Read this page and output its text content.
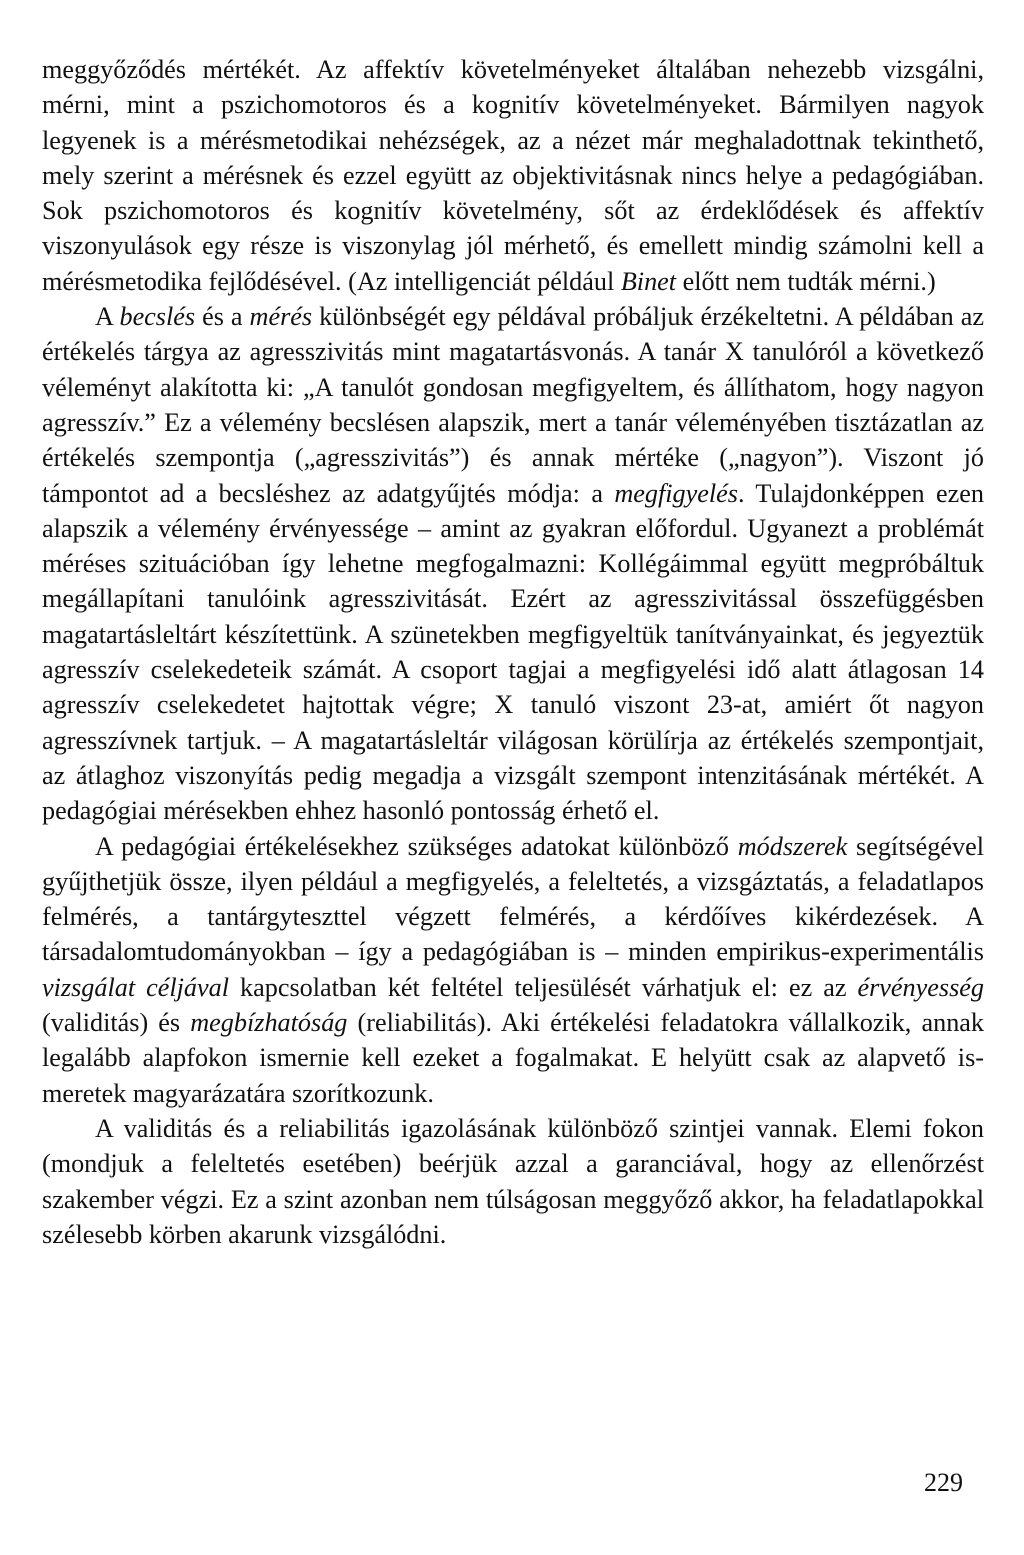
meggyőződés mértékét. Az affektív követelményeket általában nehezebb vizsgálni, mérni, mint a pszichomotoros és a kognitív követelményeket. Bármilyen nagyok legyenek is a mérésmetodikai nehézségek, az a nézet már meghaladottnak tekinthető, mely szerint a mérésnek és ezzel együtt az objektivitásnak nincs helye a pedagógiában. Sok pszichomotoros és kognitív követelmény, sőt az érdeklődések és affektív viszonyulások egy része is viszonylag jól mérhető, és emellett mindig számolni kell a mérésmetodika fejlődésével. (Az intelligenciát például Binet előtt nem tudták mérni.)

A becslés és a mérés különbségét egy példával próbáljuk érzékeltetni. A példában az értékelés tárgya az agresszivitás mint magatartásvonás. A tanár X tanulóról a következő véleményt alakította ki: „A tanulót gondosan megfigyeltem, és állíthatom, hogy nagyon agresszív.” Ez a vélemény becslésen alapszik, mert a tanár véleményében tisztázatlan az értékelés szempontja („agresszivitás”) és annak mértéke („nagyon”). Viszont jó támpontot ad a becsléshez az adatgyűjtés módja: a megfigyelés. Tulajdonképpen ezen alapszik a vélemény érvényessége – amint az gyakran előfordul. Ugyanezt a problémát méréses szituációban így lehetne megfogalmazni: Kollégáimmal együtt megpróbáltuk megállapítani tanulóink agresszivitását. Ezért az agresszivitással összefüggésben magatartásleltárt készítettünk. A szünetekben megfigyeltük tanítványainkat, és jegyeztük agresszív cselekedeteik számát. A csoport tagjai a megfigyelési idő alatt átlagosan 14 agresszív cselekedetet hajtottak végre; X tanuló viszont 23-at, amiért őt nagyon agresszívnek tartjuk. – A magatartásleltár világosan körülírja az értékelés szempontjait, az átlaghoz viszonyítás pedig megadja a vizsgált szempont intenzitásának mértékét. A pedagógiai mérésekben ehhez hasonló pontosság érhető el.

A pedagógiai értékelésekhez szükséges adatokat különböző módszerek segítségével gyűjthetjük össze, ilyen például a megfigyelés, a feleltetés, a vizsgáztatás, a feladatlapos felmérés, a tantárgyteszttel végzett felmérés, a kérdőíves kikérdezések. A társadalomtudományokban – így a pedagógiában is – minden empirikus-experimentális vizsgálat céljával kapcsolatban két feltétel teljesülését várhatjuk el: ez az érvényesség (validitás) és megbízhatóság (reliabilitás). Aki értékelési feladatokra vállalkozik, annak legalább alapfokon ismernie kell ezeket a fogalmakat. E helyütt csak az alapvető ismeretek magyarázatára szorítkozunk.

A validitás és a reliabilitás igazolásának különböző szintjei vannak. Elemi fokon (mondjuk a feleltetés esetében) beérjük azzal a garanciával, hogy az ellenőrzést szakember végzi. Ez a szint azonban nem túlságosan meggyőző akkor, ha feladatlapokkal szélesebb körben akarunk vizsgálódni.

229
